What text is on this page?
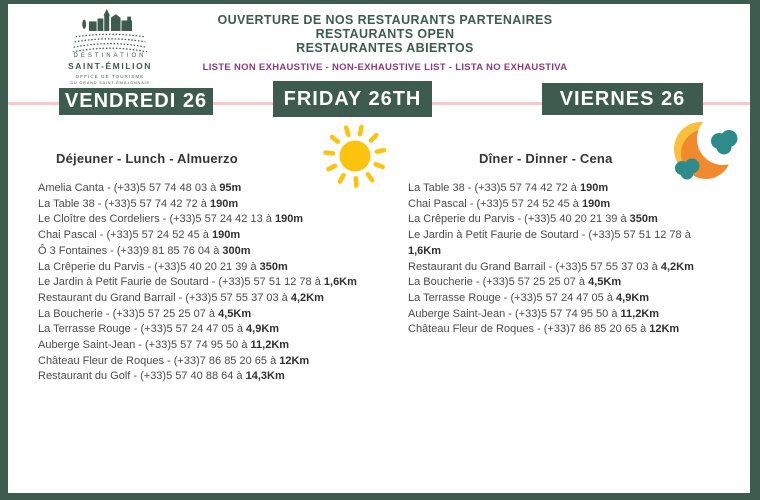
DESTINATION
SAINT-ÉMILION
OFFICE DE TOURISME
DU GRAND SAINT-ÉMILIONNAIS
OUVERTURE DE NOS RESTAURANTS PARTENAIRES
RESTAURANTS OPEN
RESTAURANTES ABIERTOS
LISTE NON EXHAUSTIVE - NON-EXHAUSTIVE LIST - LISTA NO EXHAUSTIVA
VENDREDI 26	FRIDAY 26TH	VIERNES 26
Déjeuner - Lunch - Almuerzo
Amelia Canta - (+33)5 57 74 48 03 à 95m
La Table 38 - (+33)5 57 74 42 72 à 190m
Le Cloître des Cordeliers - (+33)5 57 24 42 13 à 190m
Chai Pascal - (+33)5 57 24 52 45 à 190m
Ô 3 Fontaines - (+33)9 81 85 76 04 à 300m
La Crêperie du Parvis - (+33)5 40 20 21 39 à 350m
Le Jardin à Petit Faurie de Soutard - (+33)5 57 51 12 78 à 1,6Km
Restaurant du Grand Barrail - (+33)5 57 55 37 03 à 4,2Km
La Boucherie - (+33)5 57 25 25 07 à 4,5Km
La Terrasse Rouge - (+33)5 57 24 47 05 à 4,9Km
Auberge Saint-Jean - (+33)5 57 74 95 50 à 11,2Km
Château Fleur de Roques - (+33)7 86 85 20 65 à 12Km
Restaurant du Golf - (+33)5 57 40 88 64 à 14,3Km
Dîner - Dinner - Cena
La Table 38 - (+33)5 57 74 42 72 à 190m
Chai Pascal - (+33)5 57 24 52 45 à 190m
La Crêperie du Parvis - (+33)5 40 20 21 39 à 350m
Le Jardin à Petit Faurie de Soutard - (+33)5 57 51 12 78 à 1,6Km
Restaurant du Grand Barrail - (+33)5 57 55 37 03 à 4,2Km
La Boucherie - (+33)5 57 25 25 07 à 4,5Km
La Terrasse Rouge - (+33)5 57 24 47 05 à 4,9Km
Auberge Saint-Jean - (+33)5 57 74 95 50 à 11,2Km
Château Fleur de Roques - (+33)7 86 85 20 65 à 12Km
